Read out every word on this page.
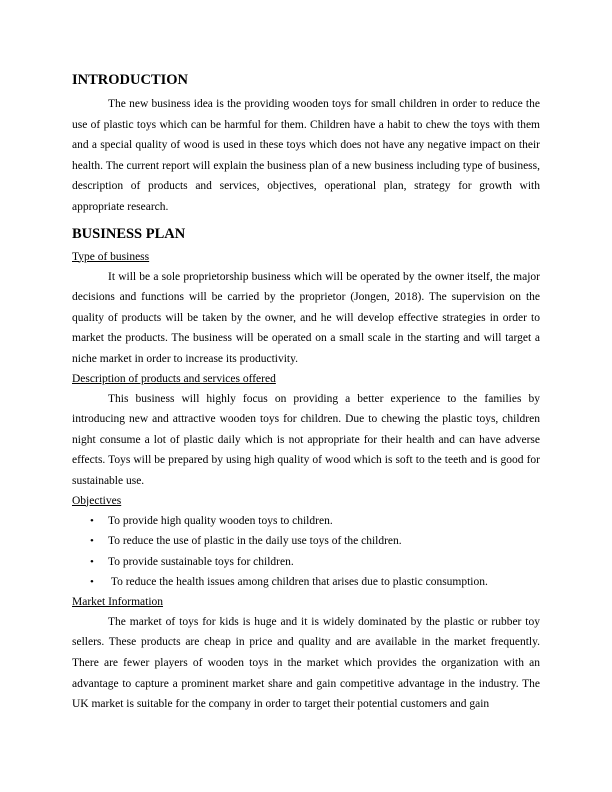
INTRODUCTION

The new business idea is the providing wooden toys for small children in order to reduce the use of plastic toys which can be harmful for them. Children have a habit to chew the toys with them and a special quality of wood is used in these toys which does not have any negative impact on their health. The current report will explain the business plan of a new business including type of business, description of products and services, objectives, operational plan, strategy for growth with appropriate research.

BUSINESS PLAN
Type of business

It will be a sole proprietorship business which will be operated by the owner itself, the major decisions and functions will be carried by the proprietor (Jongen, 2018). The supervision on the quality of products will be taken by the owner, and he will develop effective strategies in order to market the products. The business will be operated on a small scale in the starting and will target a niche market in order to increase its productivity.

Description of products and services offered

This business will highly focus on providing a better experience to the families by introducing new and attractive wooden toys for children. Due to chewing the plastic toys, children night consume a lot of plastic daily which is not appropriate for their health and can have adverse effects. Toys will be prepared by using high quality of wood which is soft to the teeth and is good for sustainable use.

Objectives
• To provide high quality wooden toys to children.
• To reduce the use of plastic in the daily use toys of the children.
• To provide sustainable toys for children.
• To reduce the health issues among children that arises due to plastic consumption.
Market Information

The market of toys for kids is huge and it is widely dominated by the plastic or rubber toy sellers. These products are cheap in price and quality and are available in the market frequently. There are fewer players of wooden toys in the market which provides the organization with an advantage to capture a prominent market share and gain competitive advantage in the industry. The UK market is suitable for the company in order to target their potential customers and gain
